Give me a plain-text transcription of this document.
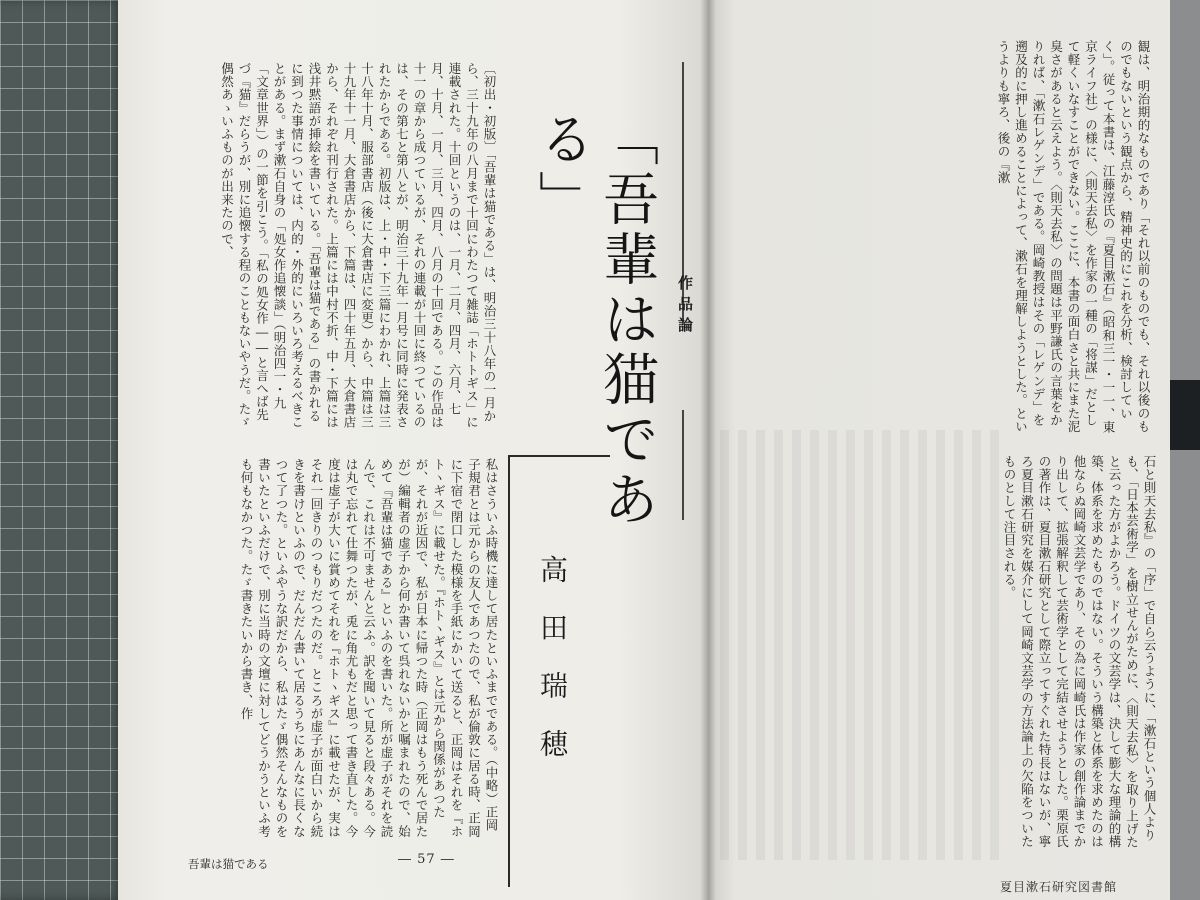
作品論
「吾輩は猫である」
〔初出・初版〕「吾輩は猫である」は、明治三十八年の一月から、三十九年の八月まで十回にわたつて雑誌「ホトトギス」に連載された。十回というのは、一月、二月、四月、六月、七月、十月、一月、三月、四月、八月の十回である。この作品は十一の章から成つているが、それの連載が十回に終つているのは、その第七と第八とが、明治三十九年一月号に同時に発表されたからである。初版は、上・中・下三篇にわかれ、上篇は三十八年十月、服部書店（後に大倉書店に変更）から、中篇は三十九年十一月、大倉書店から、下篇は、四十年五月、大倉書店から、それぞれ刊行された。上篇には中村不折、中・下篇には浅井黙語が挿絵を書いている。「吾輩は猫である」の書かれるに到つた事情については、内的・外的にいろいろ考えるべきことがある。まず漱石自身の「処女作追懐談」（明治四一・九「文章世界」）の一節を引こう。「私の処女作――と言へば先づ『猫』だらうが、別に追懐する程のこともないやうだ。たゞ偶然あゝいふものが出来たので、
高田瑞穂
私はさういふ時機に達して居たといふまでである。（中略）正岡子規君とは元からの友人であつたので、私が倫敦に居る時、正岡に下宿で閉口した模様を手紙にかいて送ると、正岡はそれを『ホトヽギス』に載せた。『ホトヽギス』とは元から関係があつたが、それが近因で、私が日本に帰つた時（正岡はもう死んで居たが）編輯者の虚子から何か書いて呉れないかと嘱まれたので、始めて『吾輩は猫である』といふのを書いた。所が虚子がそれを読んで、これは不可ませんと云ふ。訳を聞いて見ると段々ある。今は丸で忘れて仕舞つたが、兎に角尤もだと思って書き直した。今度は虚子が大いに賞めてそれを『ホトヽギス』に載せたが、実はそれ一回きりのつもりだつたのだ。ところが虚子が面白いから続きを書けといふので、だんだん書いて居るうちにあんなに長くなつて了つた。といふやうな訳だから、私はたゞ偶然そんなものを書いたといふだけで、別に当時の文壇に対してどうかうといふ考も何もなかつた。たゞ書きたいから書き、作
吾輩は猫である	― 57 ―
観は、明治期的なものであり「それ以前のものでも、それ以後のものでもないという観点から、精神史的にこれを分析、検討していく」。従って本書は、江藤淳氏の『夏目漱石』（昭和三一・一一、東京ライフ社）の様に、〈則天去私〉を作家の一種の「将謀」だとして軽くいなすことができない。ここに、本書の面白さと共にまた泥臭さがあると云えよう。〈則天去私〉の問題は平野謙氏の言葉をかりれば、「漱石レゲンデ」である。岡崎教授はその「レゲンデ」を遡及的に押し進めることによって、漱石を理解しようとした。というよりも寧ろ、後の『漱
石と則天去私』の「序」で自ら云うように、「漱石という個人よりも、「日本芸術学」を樹立せんがために、〈則天去私〉を取り上げたと云った方がよかろう。ドイツの文芸学は、決して膨大な理論的構築、体系を求めたものではない。そういう構築と体系を求めたのは他ならぬ岡崎文芸学であり、その為に岡崎氏は作家の創作論までかり出して、拡張解釈して芸術学として完結させようとした。栗原氏の著作は、夏目漱石研究として際立ってすぐれた特長はないが、寧ろ夏目漱石研究を媒介にして岡崎文芸学の方法論上の欠陥をついたものとして注目される。
夏目漱石研究図書館
